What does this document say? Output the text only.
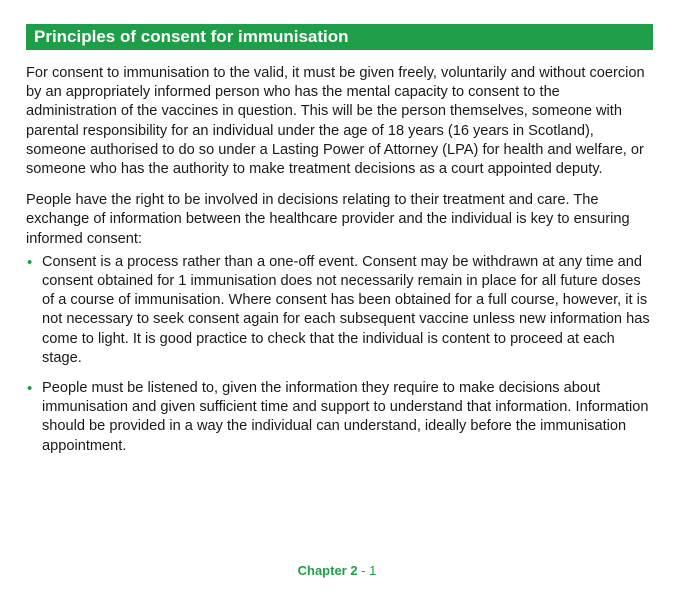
Principles of consent for immunisation

For consent to immunisation to the valid, it must be given freely, voluntarily and without coercion by an appropriately informed person who has the mental capacity to consent to the administration of the vaccines in question. This will be the person themselves, someone with parental responsibility for an individual under the age of 18 years (16 years in Scotland), someone authorised to do so under a Lasting Power of Attorney (LPA) for health and welfare, or someone who has the authority to make treatment decisions as a court appointed deputy.

People have the right to be involved in decisions relating to their treatment and care. The exchange of information between the healthcare provider and the individual is key to ensuring informed consent:

• Consent is a process rather than a one-off event. Consent may be withdrawn at any time and consent obtained for 1 immunisation does not necessarily remain in place for all future doses of a course of immunisation. Where consent has been obtained for a full course, however, it is not necessary to seek consent again for each subsequent vaccine unless new information has come to light. It is good practice to check that the individual is content to proceed at each stage.
• People must be listened to, given the information they require to make decisions about immunisation and given sufficient time and support to understand that information. Information should be provided in a way the individual can understand, ideally before the immunisation appointment.
Chapter 2 - 1
